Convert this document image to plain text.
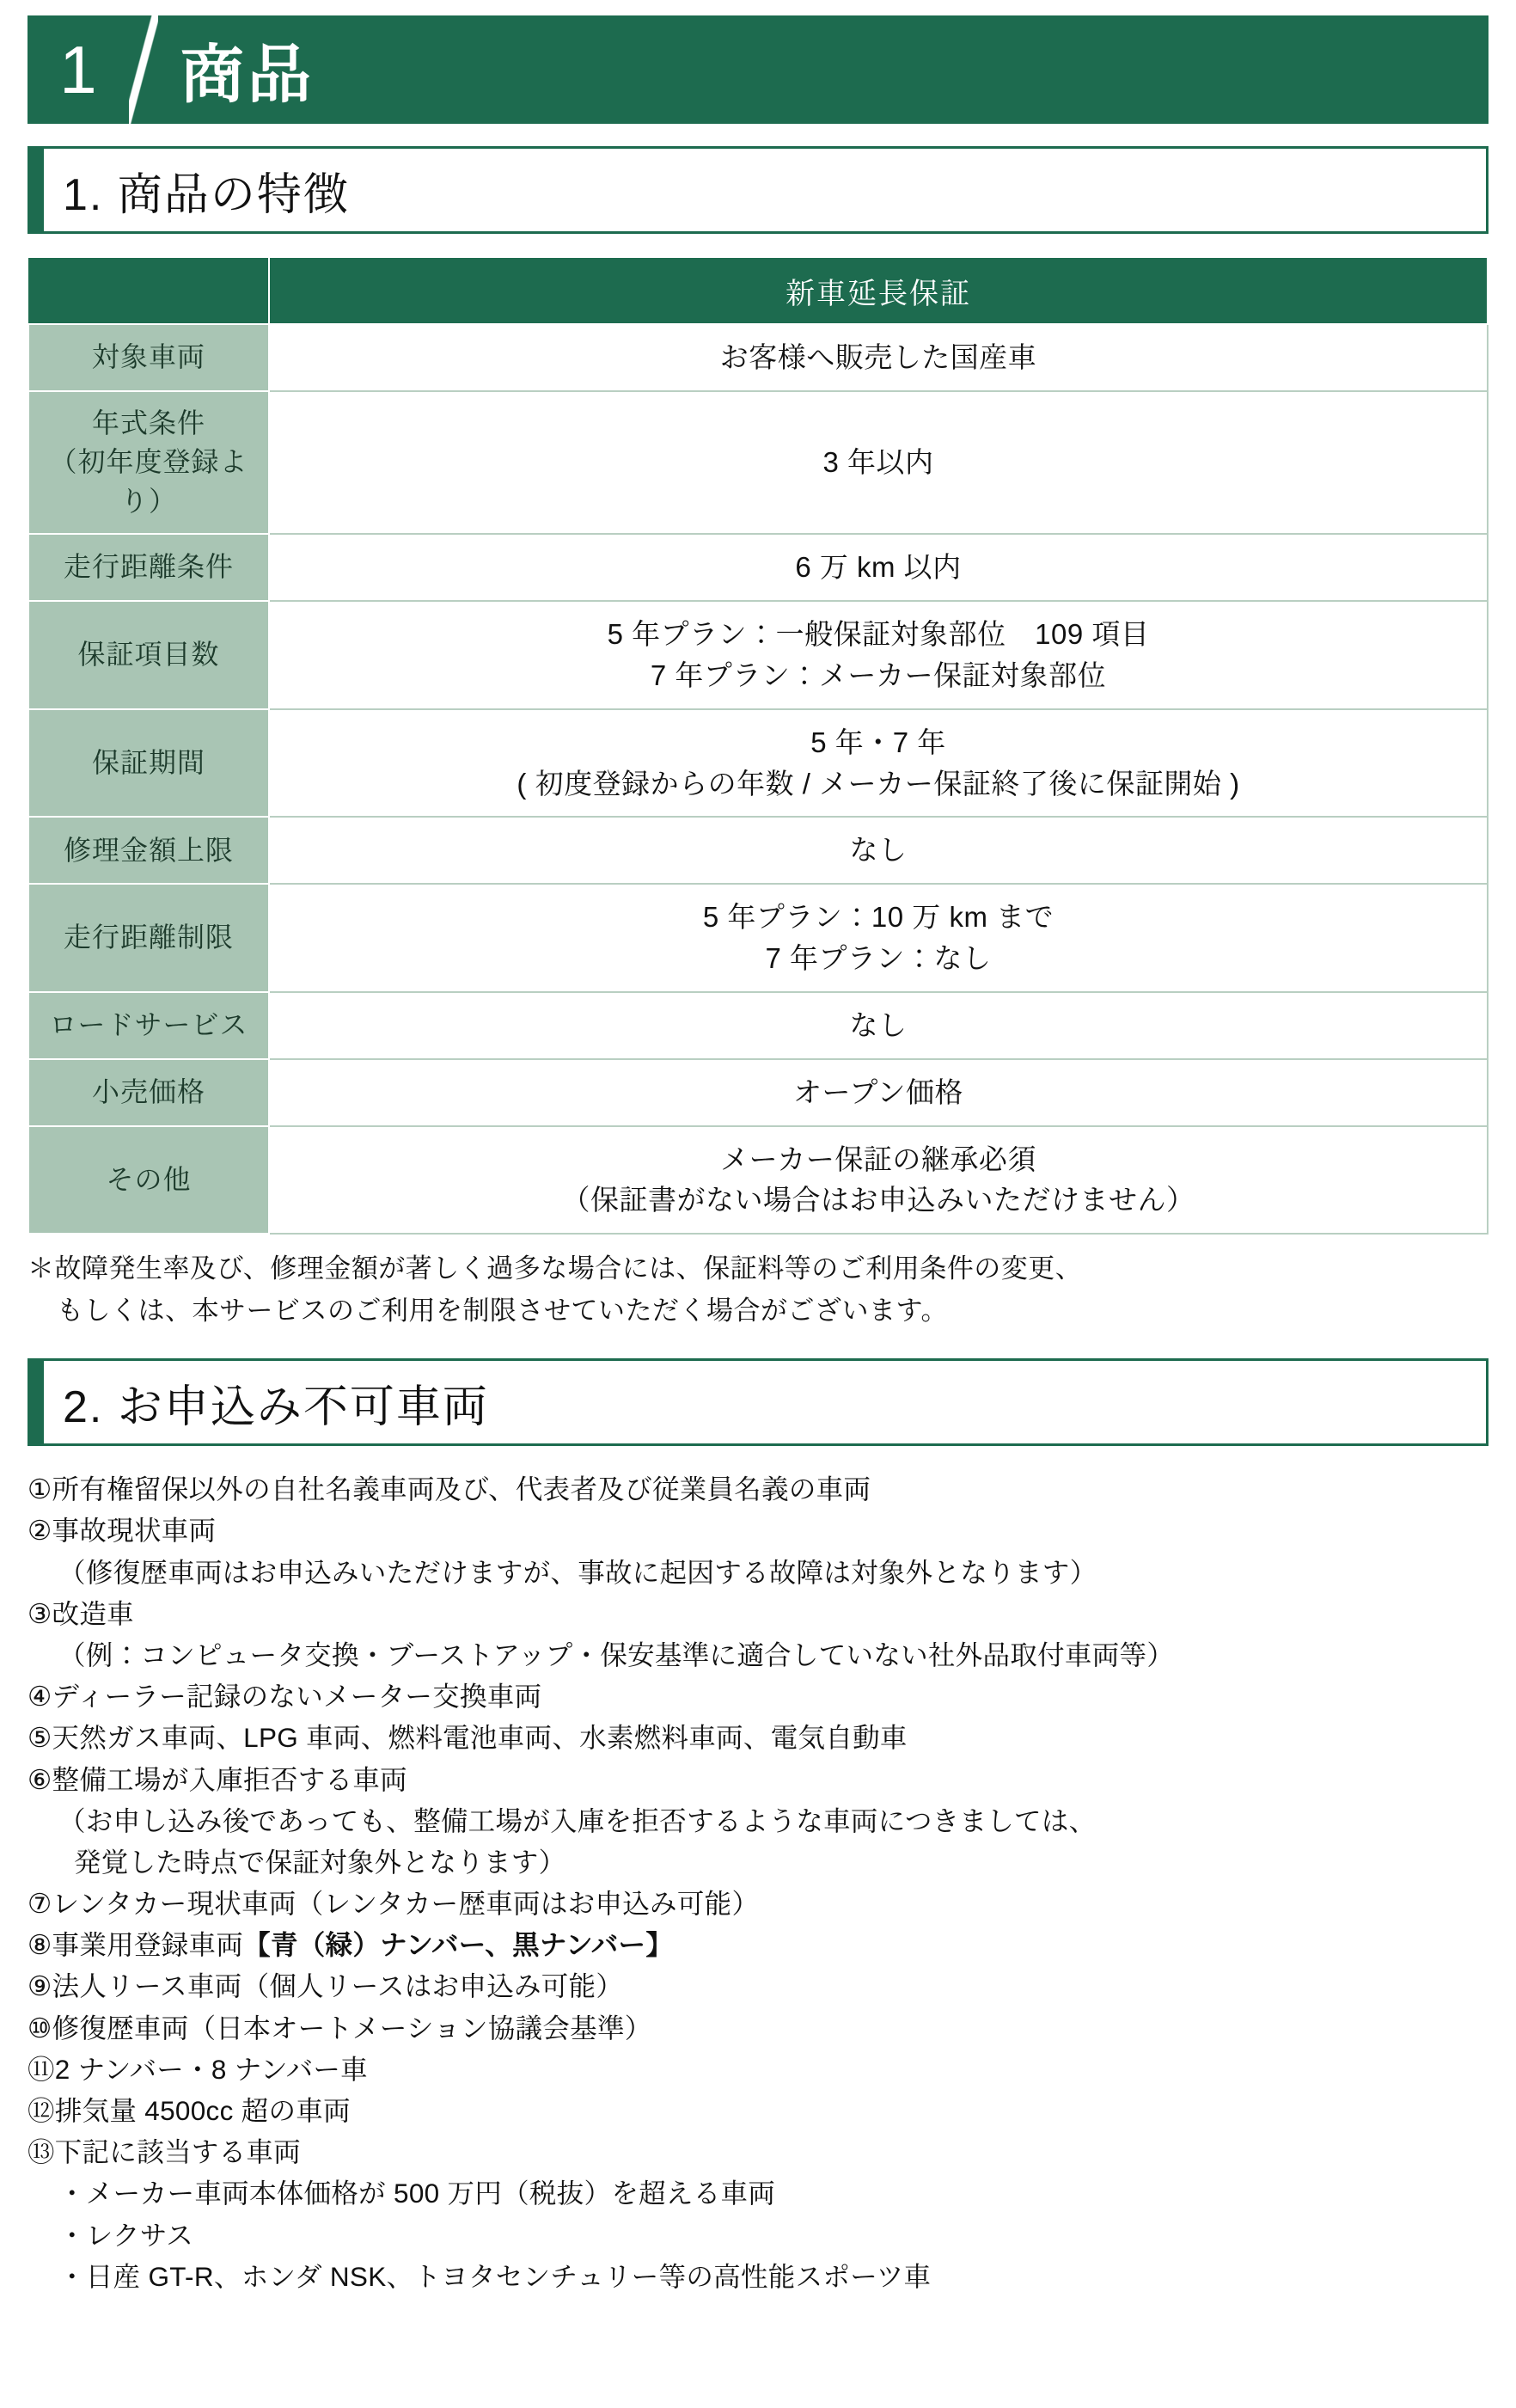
1	商品
1. 商品の特徴
	新車延長保証

対象車両	お客様へ販売した国産車

年式条件
（初年度登録より）	3 年以内

走行距離条件	6 万 km 以内

保証項目数	5 年プラン：一般保証対象部位　109 項目
7 年プラン：メーカー保証対象部位

保証期間	5 年・7 年
( 初度登録からの年数 / メーカー保証終了後に保証開始 )

修理金額上限	なし

走行距離制限	5 年プラン：10 万 km まで
7 年プラン：なし

ロードサービス	なし

小売価格	オープン価格

その他	メーカー保証の継承必須
（保証書がない場合はお申込みいただけません）
＊故障発生率及び、修理金額が著しく過多な場合には、保証料等のご利用条件の変更、
もしくは、本サービスのご利用を制限させていただく場合がございます。
2. お申込み不可車両
①所有権留保以外の自社名義車両及び、代表者及び従業員名義の車両
②事故現状車両
（修復歴車両はお申込みいただけますが、事故に起因する故障は対象外となります）
③改造車
（例：コンピュータ交換・ブーストアップ・保安基準に適合していない社外品取付車両等）
④ディーラー記録のないメーター交換車両
⑤天然ガス車両、LPG 車両、燃料電池車両、水素燃料車両、電気自動車
⑥整備工場が入庫拒否する車両
（お申し込み後であっても、整備工場が入庫を拒否するような車両につきましては、
発覚した時点で保証対象外となります）
⑦レンタカー現状車両（レンタカー歴車両はお申込み可能）
⑧事業用登録車両【青（緑）ナンバー、黒ナンバー】
⑨法人リース車両（個人リースはお申込み可能）
⑩修復歴車両（日本オートメーション協議会基準）
⑪2 ナンバー・8 ナンバー車
⑫排気量 4500cc 超の車両
⑬下記に該当する車両
・メーカー車両本体価格が 500 万円（税抜）を超える車両
・レクサス
・日産 GT-R、ホンダ NSK、トヨタセンチュリー等の高性能スポーツ車
